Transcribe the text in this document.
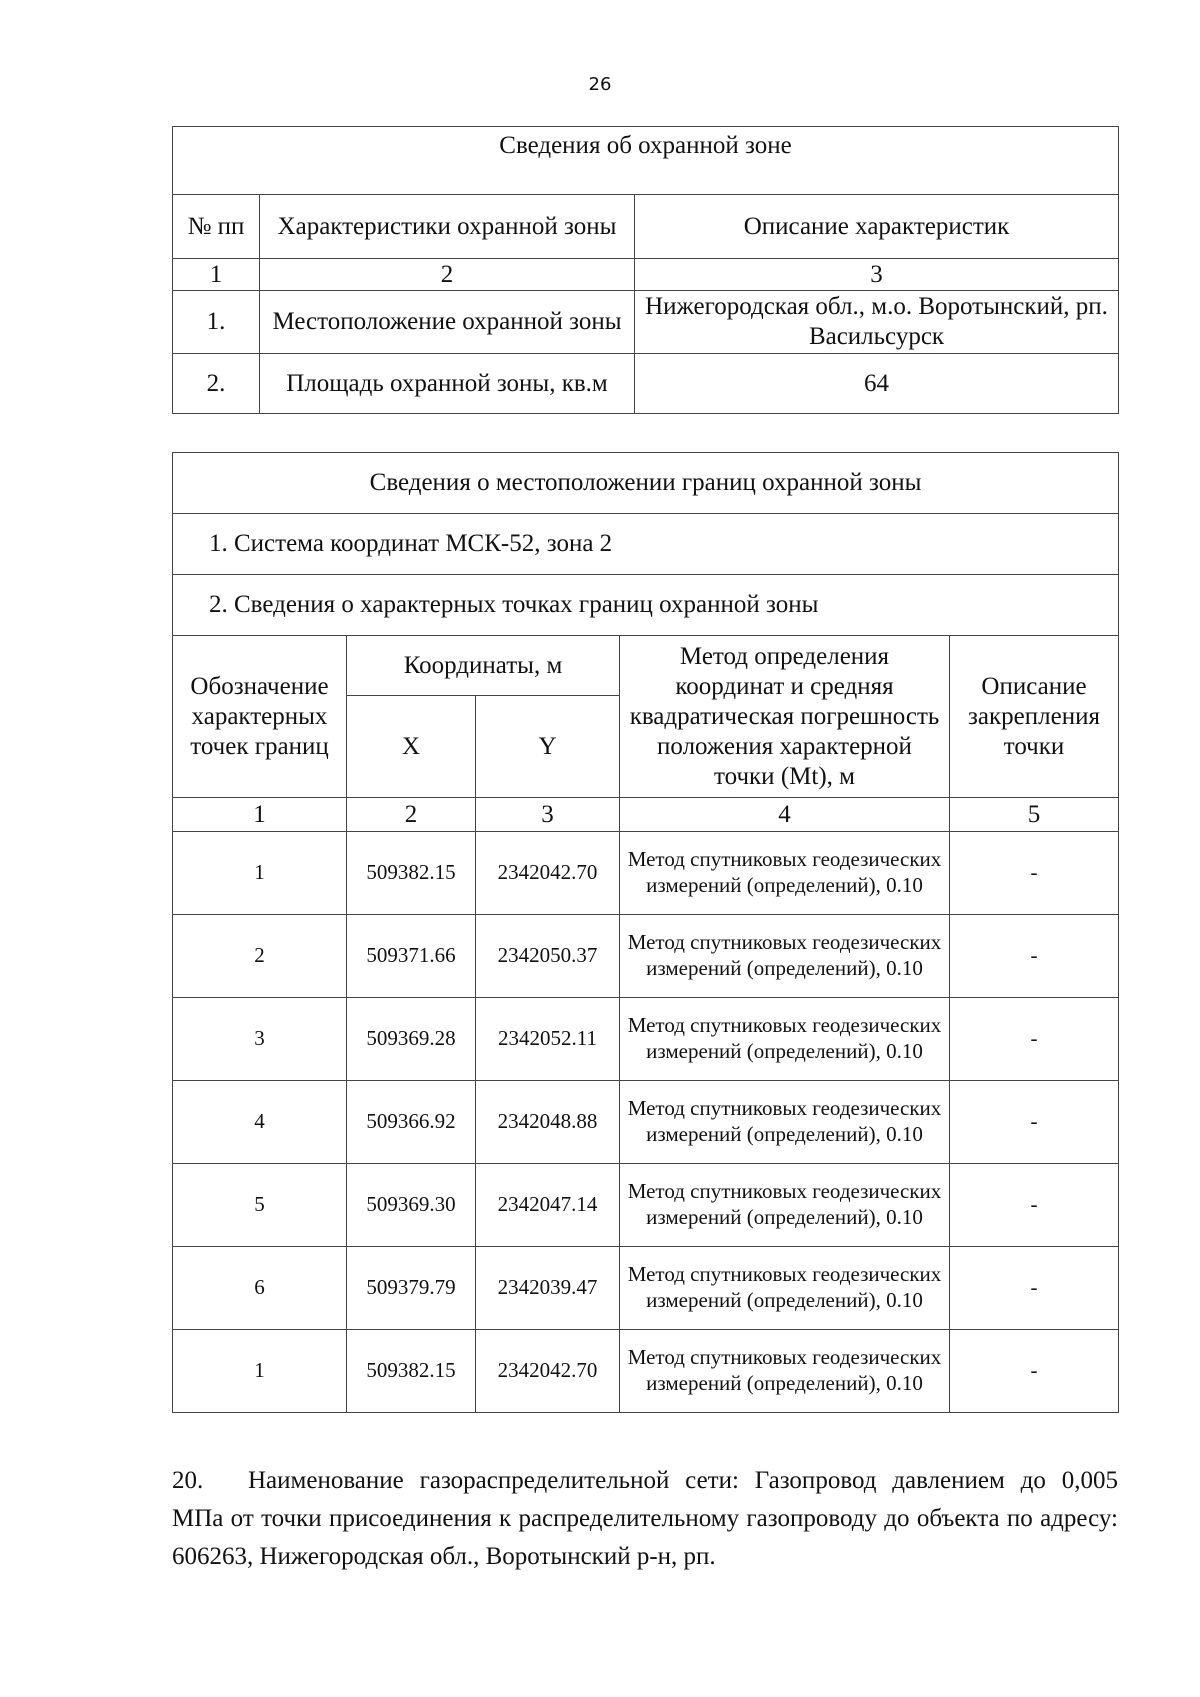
26
Сведения об охранной зоне		
№ пп	Характеристики охранной зоны	Описание характеристик
1	2	3
1.	Местоположение охранной зоны	Нижегородская обл., м.о. Воротынский, рп. Васильсурск
2.	Площадь охранной зоны, кв.м	64
Сведения о местоположении границ охранной зоны				
1. Система координат МСК-52, зона 2				
2. Сведения о характерных точках границ охранной зоны				
Обозначение характерных точек границ	Координаты, м		Метод определения координат и средняя квадратическая погрешность положения характерной точки (Mt), м	Описание закрепления точки
	X	Y		
1	2	3	4	5
1	509382.15	2342042.70	Метод спутниковых геодезических измерений (определений), 0.10	-
2	509371.66	2342050.37	Метод спутниковых геодезических измерений (определений), 0.10	-
3	509369.28	2342052.11	Метод спутниковых геодезических измерений (определений), 0.10	-
4	509366.92	2342048.88	Метод спутниковых геодезических измерений (определений), 0.10	-
5	509369.30	2342047.14	Метод спутниковых геодезических измерений (определений), 0.10	-
6	509379.79	2342039.47	Метод спутниковых геодезических измерений (определений), 0.10	-
1	509382.15	2342042.70	Метод спутниковых геодезических измерений (определений), 0.10	-

20. Наименование газораспределительной сети: Газопровод давлением до 0,005 МПа от точки присоединения к распределительному газопроводу до объекта по адресу: 606263, Нижегородская обл., Воротынский р-н, рп.
